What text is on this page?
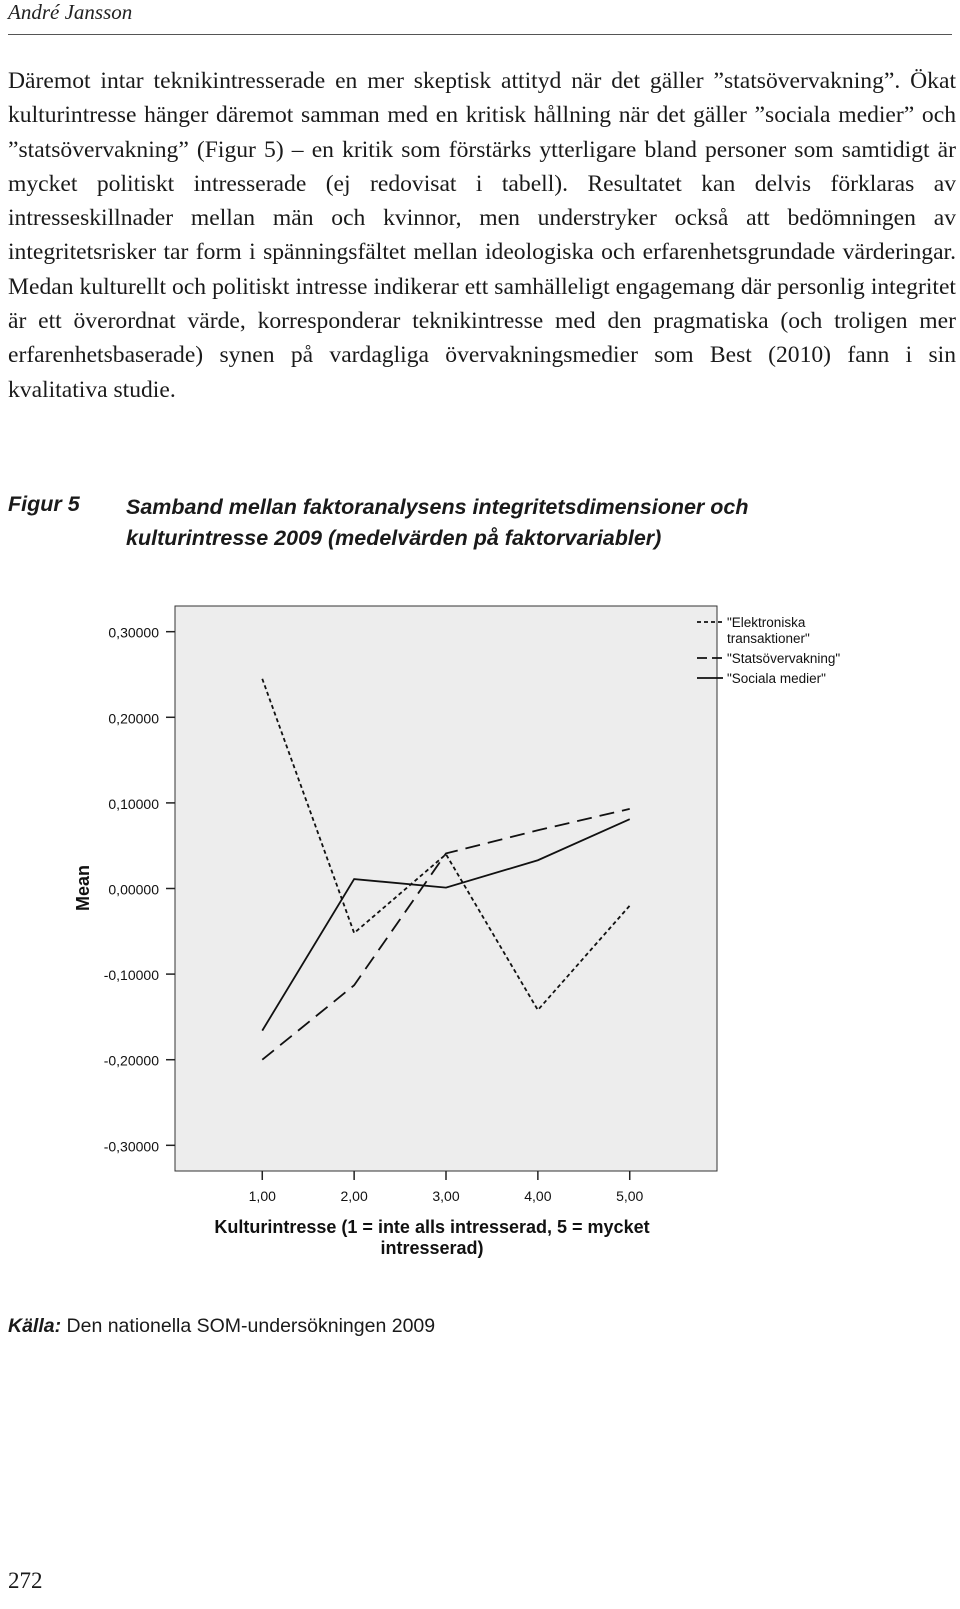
André Jansson

Däremot intar teknikintresserade en mer skeptisk attityd när det gäller ”statsövervakning”. Ökat kulturintresse hänger däremot samman med en kritisk hållning när det gäller ”sociala medier” och ”statsövervakning” (Figur 5) – en kritik som förstärks ytterligare bland personer som samtidigt är mycket politiskt intresserade (ej redovisat i tabell). Resultatet kan delvis förklaras av intresseskillnader mellan män och kvinnor, men understryker också att bedömningen av integritetsrisker tar form i spänningsfältet mellan ideologiska och erfarenhetsgrundade värderingar. Medan kulturellt och politiskt intresse indikerar ett samhälleligt engagemang där personlig integritet är ett överordnat värde, korresponderar teknikintresse med den pragmatiska (och troligen mer erfarenhetsbaserade) synen på vardagliga övervakningsmedier som Best (2010) fann i sin kvalitativa studie.

Figur 5 Samband mellan faktoranalysens integritetsdimensioner och kulturintresse 2009 (medelvärden på faktorvariabler)
0,30000
0,20000
0,10000
0,00000
-0,10000
-0,20000
-0,30000
1,00	2,00	3,00	4,00	5,00
"Elektroniska
transaktioner"
"Statsövervakning"
"Sociala medier"
Mean
Kulturintresse (1 = inte alls intresserad, 5 = mycket
intresserad)
Källa: Den nationella SOM-undersökningen 2009
272
